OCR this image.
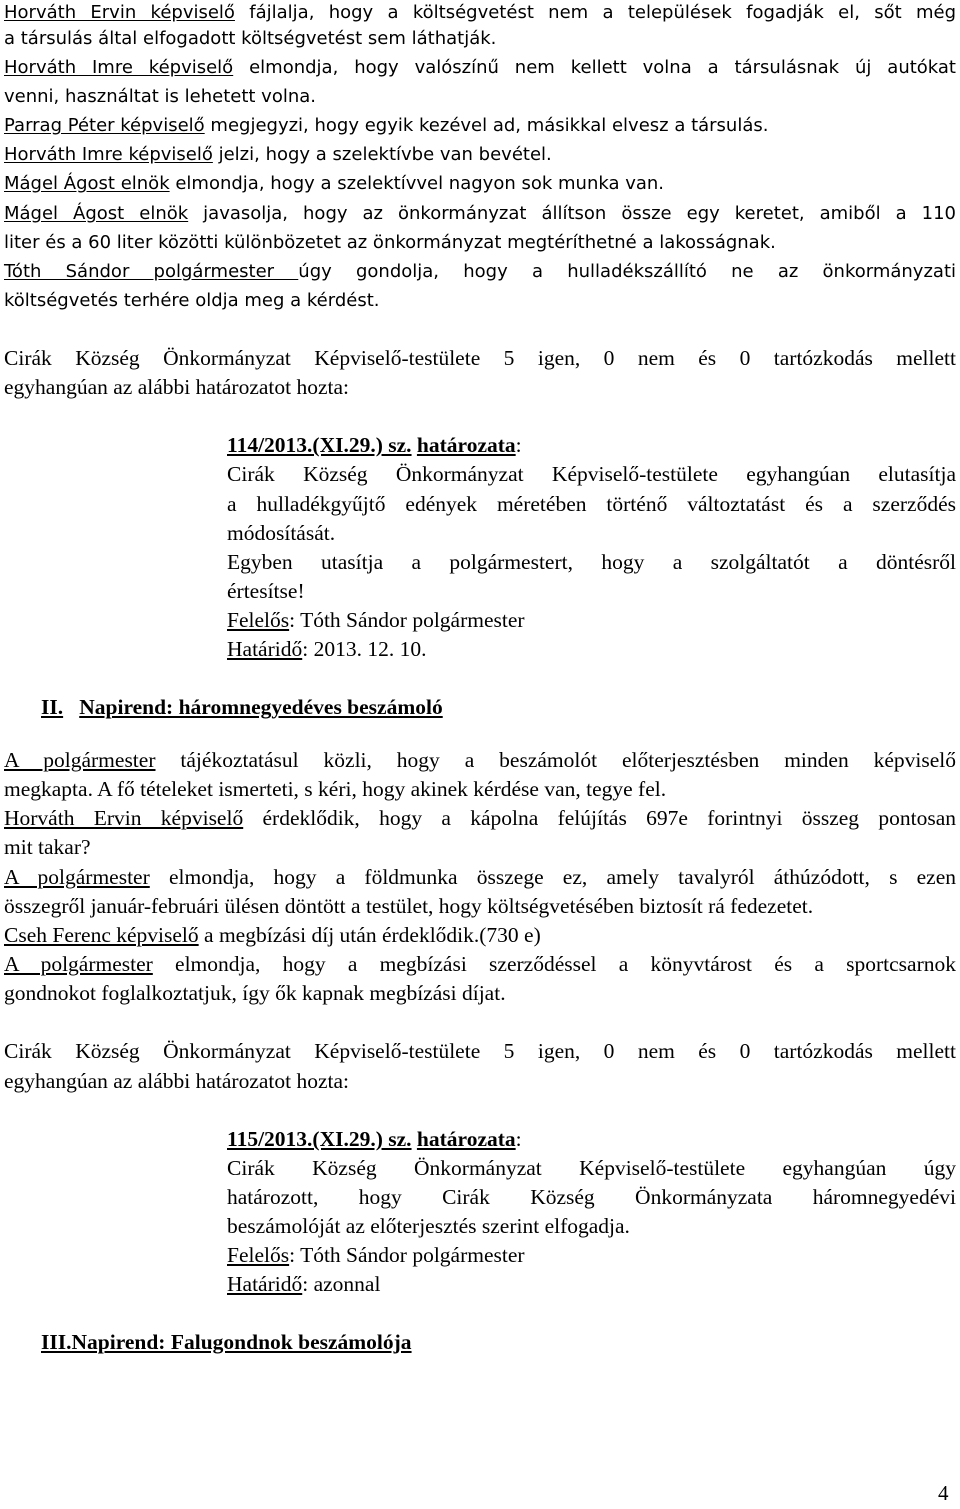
Horváth Ervin képviselő fájlalja, hogy a költségvetést nem a települések fogadják el, sőt még
a társulás által elfogadott költségvetést sem láthatják.
Horváth Imre képviselő elmondja, hogy valószínű nem kellett volna a társulásnak új autókat
venni, használtat is lehetett volna.
Parrag Péter képviselő megjegyzi, hogy egyik kezével ad, másikkal elvesz a társulás.
Horváth Imre képviselő jelzi, hogy a szelektívbe van bevétel.
Mágel Ágost elnök elmondja, hogy a szelektívvel nagyon sok munka van.
Mágel Ágost elnök javasolja, hogy az önkormányzat állítson össze egy keretet, amiből a 110
liter és a 60 liter közötti különbözetet az önkormányzat megtéríthetné a lakosságnak.
Tóth Sándor polgármester úgy gondolja, hogy a hulladékszállító ne az önkormányzati
költségvetés terhére oldja meg a kérdést.
Cirák Község Önkormányzat Képviselő-testülete 5 igen, 0 nem és 0 tartózkodás mellett
egyhangúan az alábbi határozatot hozta:
114/2013.(XI.29.) sz. határozata:
Cirák Község Önkormányzat Képviselő-testülete egyhangúan elutasítja
a hulladékgyűjtő edények méretében történő változtatást és a szerződés
módosítását.
Egyben utasítja a polgármestert, hogy a szolgáltatót a döntésről
értesítse!
Felelős: Tóth Sándor polgármester
Határidő: 2013. 12. 10.
II. Napirend: háromnegyedéves beszámoló
A polgármester tájékoztatásul közli, hogy a beszámolót előterjesztésben minden képviselő
megkapta. A fő tételeket ismerteti, s kéri, hogy akinek kérdése van, tegye fel.
Horváth Ervin képviselő érdeklődik, hogy a kápolna felújítás 697e forintnyi összeg pontosan
mit takar?
A polgármester elmondja, hogy a földmunka összege ez, amely tavalyról áthúzódott, s ezen
összegről január-februári ülésen döntött a testület, hogy költségvetésében biztosít rá fedezetet.
Cseh Ferenc képviselő a megbízási díj után érdeklődik.(730 e)
A polgármester elmondja, hogy a megbízási szerződéssel a könyvtárost és a sportcsarnok
gondnokot foglalkoztatjuk, így ők kapnak megbízási díjat.
Cirák Község Önkormányzat Képviselő-testülete 5 igen, 0 nem és 0 tartózkodás mellett
egyhangúan az alábbi határozatot hozta:
115/2013.(XI.29.) sz. határozata:
Cirák Község Önkormányzat Képviselő-testülete egyhangúan úgy
határozott, hogy Cirák Község Önkormányzata háromnegyedévi
beszámolóját az előterjesztés szerint elfogadja.
Felelős: Tóth Sándor polgármester
Határidő: azonnal
III.Napirend: Falugondnok beszámolója
4
